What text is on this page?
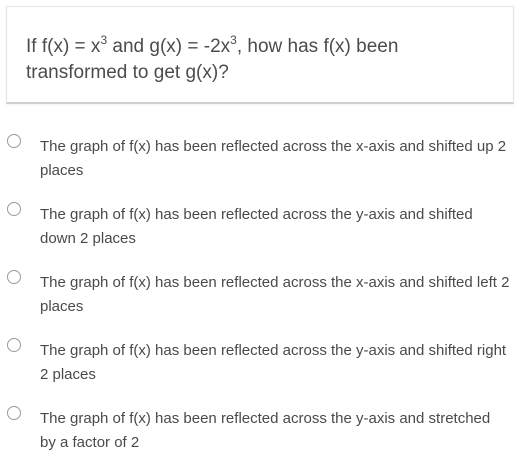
If $f(x) = x^3$ and $g(x) = -2x^3$, how has f(x) been transformed to get g(x)?

The graph of f(x) has been reflected across the x-axis and shifted up 2 places
The graph of f(x) has been reflected across the y-axis and shifted down 2 places
The graph of f(x) has been reflected across the x-axis and shifted left 2 places
The graph of f(x) has been reflected across the y-axis and shifted right 2 places
The graph of f(x) has been reflected across the y-axis and stretched by a factor of 2
